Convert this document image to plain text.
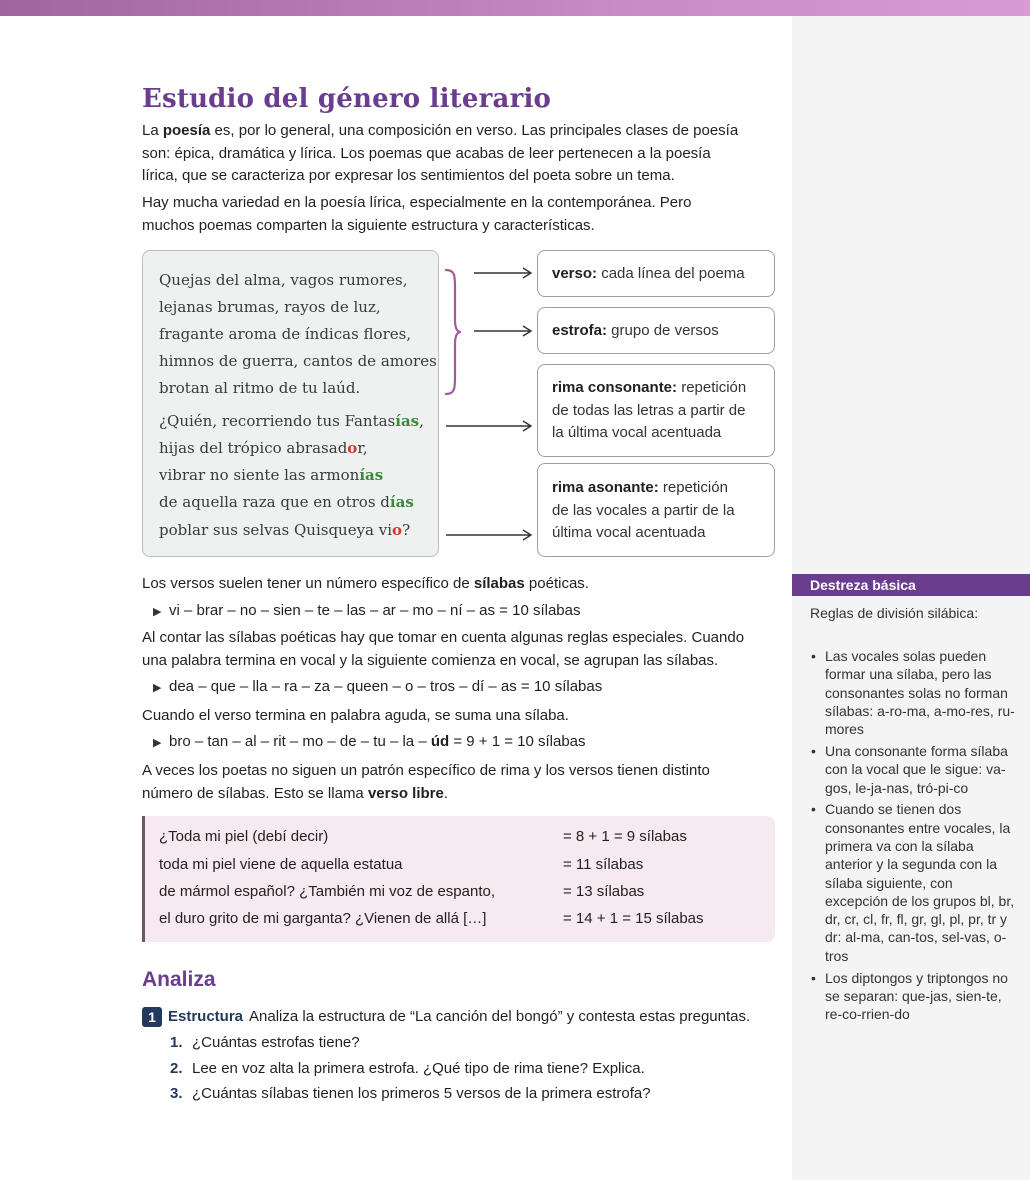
Estudio del género literario
La poesía es, por lo general, una composición en verso. Las principales clases de poesía
son: épica, dramática y lírica. Los poemas que acabas de leer pertenecen a la poesía
lírica, que se caracteriza por expresar los sentimientos del poeta sobre un tema.
Hay mucha variedad en la poesía lírica, especialmente en la contemporánea. Pero
muchos poemas comparten la siguiente estructura y características.
Quejas del alma, vagos rumores,
lejanas brumas, rayos de luz,
fragante aroma de índicas flores,
himnos de guerra, cantos de amores
brotan al ritmo de tu laúd.
¿Quién, recorriendo tus Fantasías,
hijas del trópico abrasador,
vibrar no siente las armonías
de aquella raza que en otros días
poblar sus selvas Quisqueya vio?
verso: cada línea del poema
estrofa: grupo de versos
rima consonante: repetición
de todas las letras a partir de
la última vocal acentuada
rima asonante: repetición
de las vocales a partir de la
última vocal acentuada
Los versos suelen tener un número específico de sílabas poéticas.
▶ vi – brar – no – sien – te – las – ar – mo – ní – as = 10 sílabas
Al contar las sílabas poéticas hay que tomar en cuenta algunas reglas especiales. Cuando
una palabra termina en vocal y la siguiente comienza en vocal, se agrupan las sílabas.
▶ dea – que – lla – ra – za – queen – o – tros – dí – as = 10 sílabas
Cuando el verso termina en palabra aguda, se suma una sílaba.
▶ bro – tan – al – rit – mo – de – tu – la – úd = 9 + 1 = 10 sílabas
A veces los poetas no siguen un patrón específico de rima y los versos tienen distinto
número de sílabas. Esto se llama verso libre.
¿Toda mi piel (debí decir)	= 8 + 1 = 9 sílabas
toda mi piel viene de aquella estatua	= 11 sílabas
de mármol español? ¿También mi voz de espanto,	= 13 sílabas
el duro grito de mi garganta? ¿Vienen de allá […]	= 14 + 1 = 15 sílabas
Analiza
1 Estructura Analiza la estructura de “La canción del bongó” y contesta estas preguntas.
1. ¿Cuántas estrofas tiene?
2. Lee en voz alta la primera estrofa. ¿Qué tipo de rima tiene? Explica.
3. ¿Cuántas sílabas tienen los primeros 5 versos de la primera estrofa?
Destreza básica
Reglas de división silábica:
• Las vocales solas pueden formar una sílaba, pero las consonantes solas no forman sílabas: a-ro-ma, a-mo-res, ru-mores
• Una consonante forma sílaba con la vocal que le sigue: va-gos, le-ja-nas, tró-pi-co
• Cuando se tienen dos consonantes entre vocales, la primera va con la sílaba anterior y la segunda con la sílaba siguiente, con excepción de los grupos bl, br, dr, cr, cl, fr, fl, gr, gl, pl, pr, tr y dr: al-ma, can-tos, sel-vas, o-tros
• Los diptongos y triptongos no se separan: que-jas, sien-te, re-co-rrien-do
